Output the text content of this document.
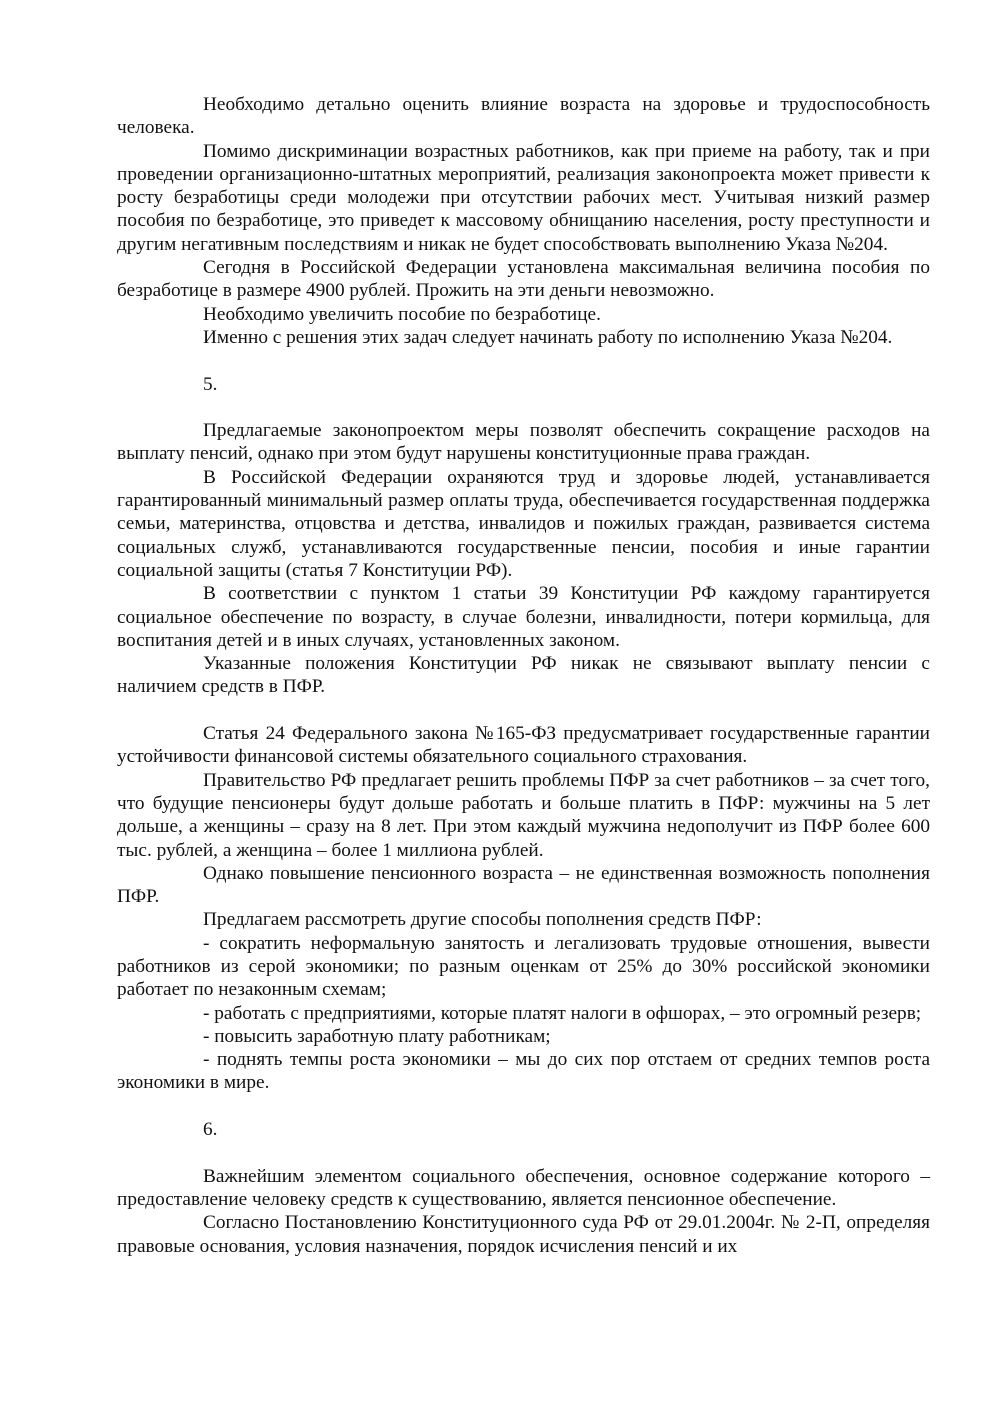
Необходимо детально оценить влияние возраста на здоровье и трудоспособность человека.

Помимо дискриминации возрастных работников, как при приеме на работу, так и при проведении организационно-штатных мероприятий, реализация законопроекта может привести к росту безработицы среди молодежи при отсутствии рабочих мест. Учитывая низкий размер пособия по безработице, это приведет к массовому обнищанию населения, росту преступности и другим негативным последствиям и никак не будет способствовать выполнению Указа №204.

Сегодня в Российской Федерации установлена максимальная величина пособия по безработице в размере 4900 рублей. Прожить на эти деньги невозможно.

Необходимо увеличить пособие по безработице.

Именно с решения этих задач следует начинать работу по исполнению Указа №204.

5.

Предлагаемые законопроектом меры позволят обеспечить сокращение расходов на выплату пенсий, однако при этом будут нарушены конституционные права граждан.

В Российской Федерации охраняются труд и здоровье людей, устанавливается гарантированный минимальный размер оплаты труда, обеспечивается государственная поддержка семьи, материнства, отцовства и детства, инвалидов и пожилых граждан, развивается система социальных служб, устанавливаются государственные пенсии, пособия и иные гарантии социальной защиты (статья 7 Конституции РФ).

В соответствии с пунктом 1 статьи 39 Конституции РФ каждому гарантируется социальное обеспечение по возрасту, в случае болезни, инвалидности, потери кормильца, для воспитания детей и в иных случаях, установленных законом.

Указанные положения Конституции РФ никак не связывают выплату пенсии с наличием средств в ПФР.

Статья 24 Федерального закона №165-ФЗ предусматривает государственные гарантии устойчивости финансовой системы обязательного социального страхования.

Правительство РФ предлагает решить проблемы ПФР за счет работников – за счет того, что будущие пенсионеры будут дольше работать и больше платить в ПФР: мужчины на 5 лет дольше, а женщины – сразу на 8 лет. При этом каждый мужчина недополучит из ПФР более 600 тыс. рублей, а женщина – более 1 миллиона рублей.

Однако повышение пенсионного возраста – не единственная возможность пополнения ПФР.

Предлагаем рассмотреть другие способы пополнения средств ПФР:

- сократить неформальную занятость и легализовать трудовые отношения, вывести работников из серой экономики; по разным оценкам от 25% до 30% российской экономики работает по незаконным схемам;

- работать с предприятиями, которые платят налоги в офшорах, – это огромный резерв;

- повысить заработную плату работникам;

- поднять темпы роста экономики – мы до сих пор отстаем от средних темпов роста экономики в мире.

6.

Важнейшим элементом социального обеспечения, основное содержание которого – предоставление человеку средств к существованию, является пенсионное обеспечение.

Согласно Постановлению Конституционного суда РФ от 29.01.2004г. № 2-П, определяя правовые основания, условия назначения, порядок исчисления пенсий и их
